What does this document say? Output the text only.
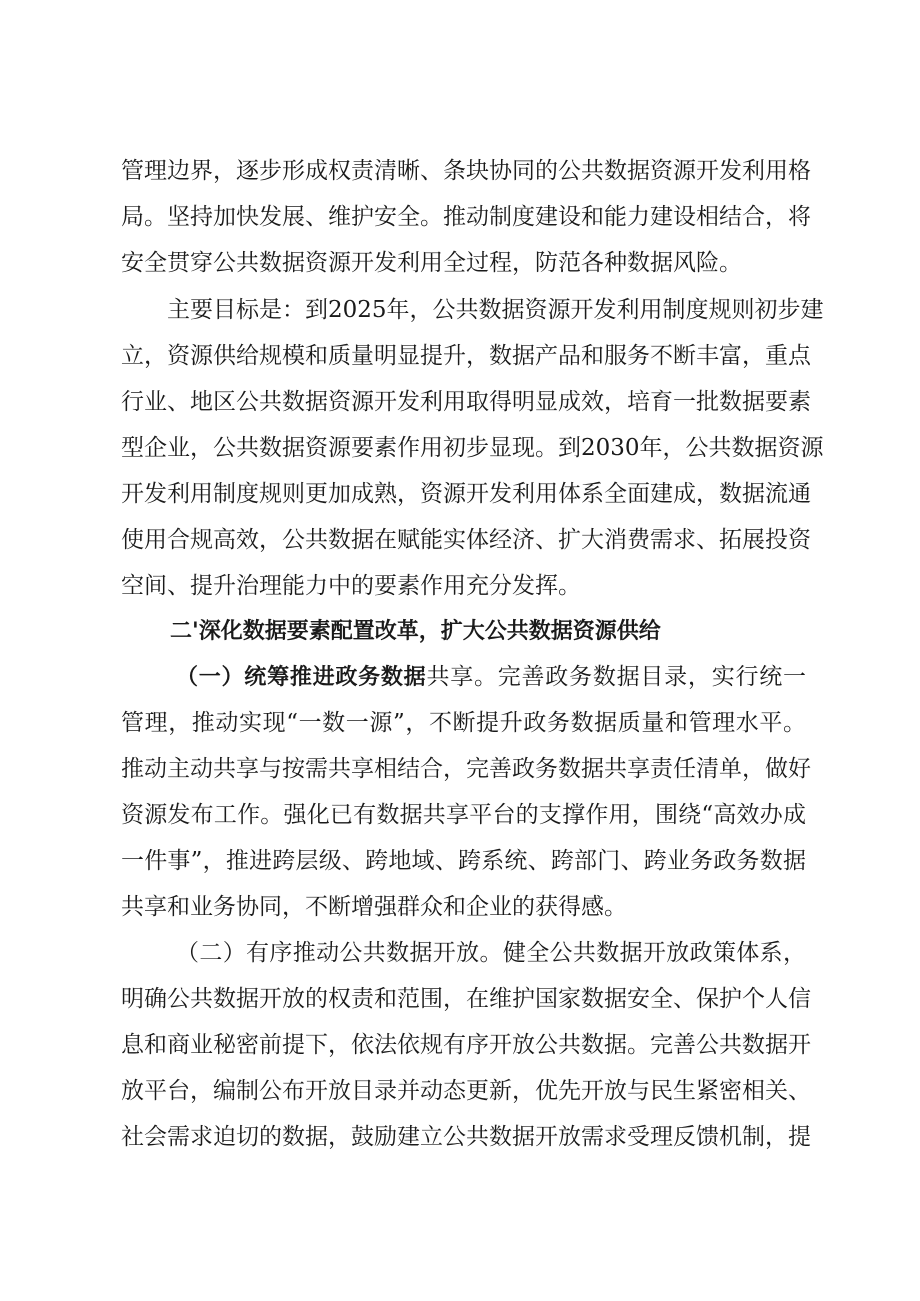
管理边界，逐步形成权责清晰、条块协同的公共数据资源开发利用格
局。坚持加快发展、维护安全。推动制度建设和能力建设相结合，将
安全贯穿公共数据资源开发利用全过程，防范各种数据风险。
主要目标是：到2025年，公共数据资源开发利用制度规则初步建
立，资源供给规模和质量明显提升，数据产品和服务不断丰富，重点
行业、地区公共数据资源开发利用取得明显成效，培育一批数据要素
型企业，公共数据资源要素作用初步显现。到2030年，公共数据资源
开发利用制度规则更加成熟，资源开发利用体系全面建成，数据流通
使用合规高效，公共数据在赋能实体经济、扩大消费需求、拓展投资
空间、提升治理能力中的要素作用充分发挥。
二'深化数据要素配置改革，扩大公共数据资源供给
（一）统筹推进政务数据共享。完善政务数据目录，实行统一
管理，推动实现“一数一源”，不断提升政务数据质量和管理水平。
推动主动共享与按需共享相结合，完善政务数据共享责任清单，做好
资源发布工作。强化已有数据共享平台的支撑作用，围绕“高效办成
一件事”，推进跨层级、跨地域、跨系统、跨部门、跨业务政务数据
共享和业务协同，不断增强群众和企业的获得感。
（二）有序推动公共数据开放。健全公共数据开放政策体系，
明确公共数据开放的权责和范围，在维护国家数据安全、保护个人信
息和商业秘密前提下，依法依规有序开放公共数据。完善公共数据开
放平台，编制公布开放目录并动态更新，优先开放与民生紧密相关、
社会需求迫切的数据，鼓励建立公共数据开放需求受理反馈机制，提
